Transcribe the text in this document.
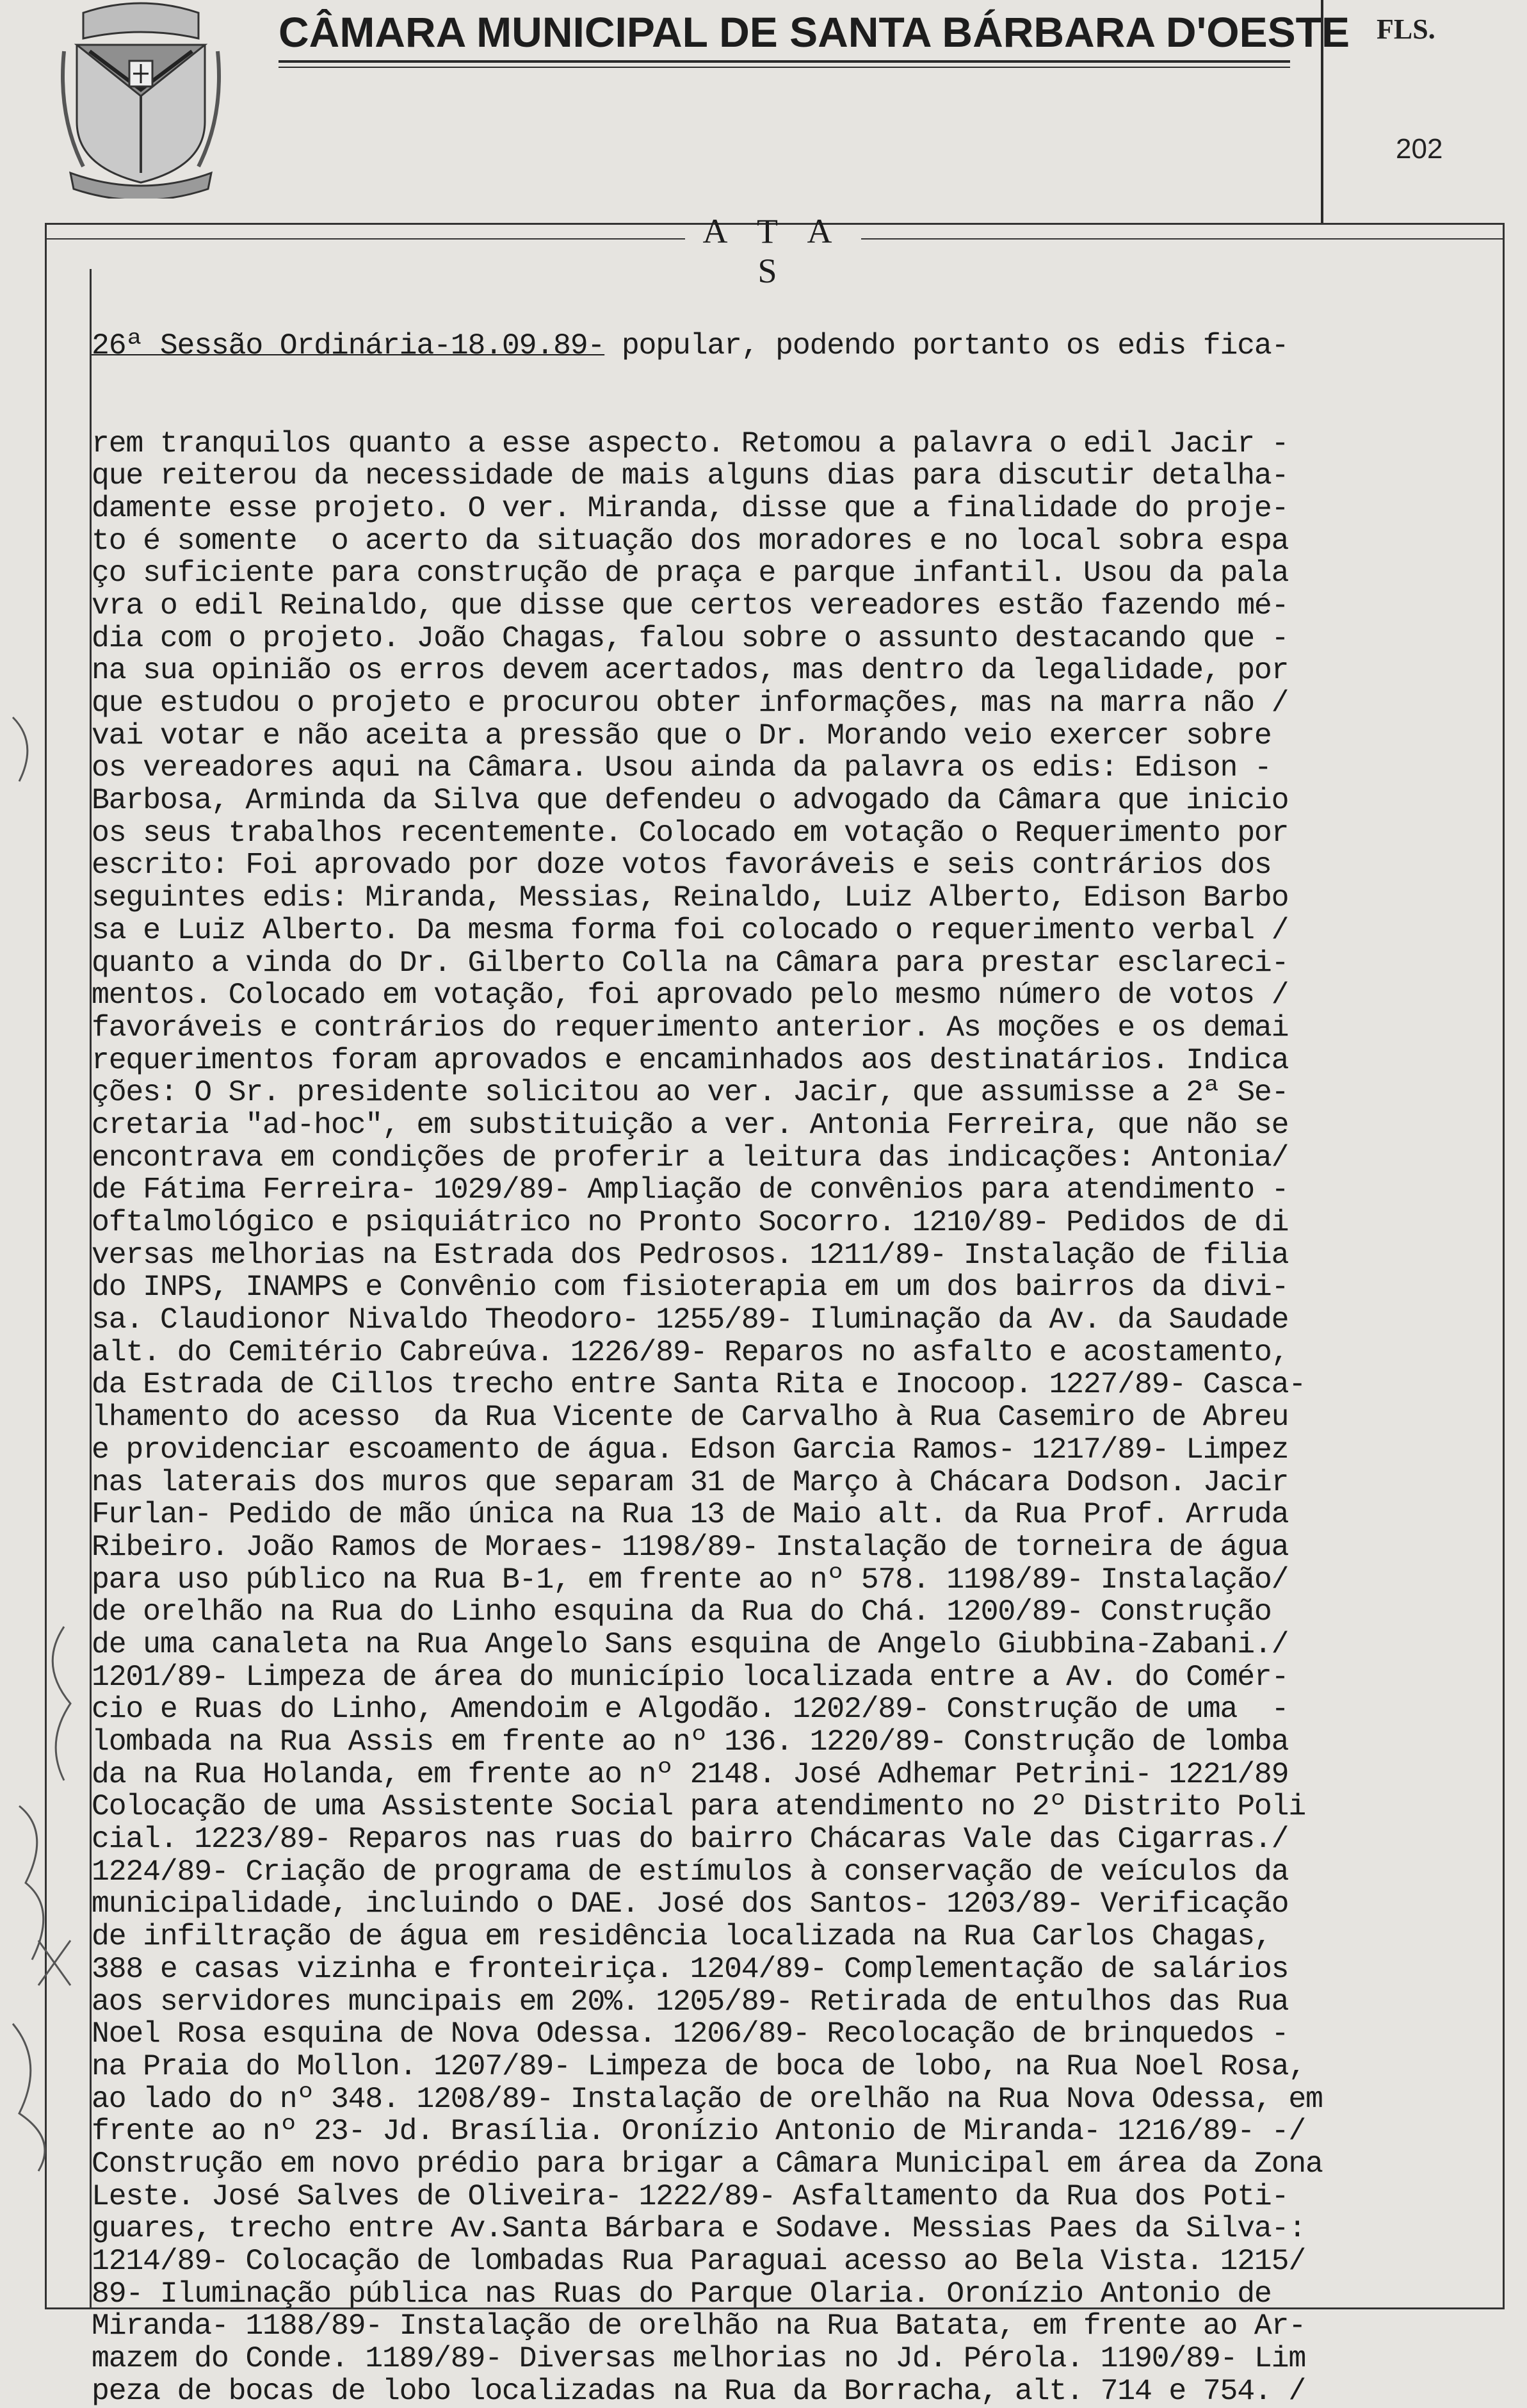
CÂMARA MUNICIPAL DE SANTA BÁRBARA D'OESTE FLS.
202
A T A S

26ª Sessão Ordinária-18.09.89- popular, podendo portanto os edis fica-

rem tranquilos quanto a esse aspecto. Retomou a palavra o edil Jacir -
que reiterou da necessidade de mais alguns dias para discutir detalha-
damente esse projeto. O ver. Miranda, disse que a finalidade do proje-
to é somente  o acerto da situação dos moradores e no local sobra espa
ço suficiente para construção de praça e parque infantil. Usou da pala
vra o edil Reinaldo, que disse que certos vereadores estão fazendo mé-
dia com o projeto. João Chagas, falou sobre o assunto destacando que -
na sua opinião os erros devem acertados, mas dentro da legalidade, por
que estudou o projeto e procurou obter informações, mas na marra não /
vai votar e não aceita a pressão que o Dr. Morando veio exercer sobre
os vereadores aqui na Câmara. Usou ainda da palavra os edis: Edison -
Barbosa, Arminda da Silva que defendeu o advogado da Câmara que inicio
os seus trabalhos recentemente. Colocado em votação o Requerimento por
escrito: Foi aprovado por doze votos favoráveis e seis contrários dos
seguintes edis: Miranda, Messias, Reinaldo, Luiz Alberto, Edison Barbo
sa e Luiz Alberto. Da mesma forma foi colocado o requerimento verbal /
quanto a vinda do Dr. Gilberto Colla na Câmara para prestar esclareci-
mentos. Colocado em votação, foi aprovado pelo mesmo número de votos /
favoráveis e contrários do requerimento anterior. As moções e os demai
requerimentos foram aprovados e encaminhados aos destinatários. Indica
ções: O Sr. presidente solicitou ao ver. Jacir, que assumisse a 2ª Se-
cretaria "ad-hoc", em substituição a ver. Antonia Ferreira, que não se
encontrava em condições de proferir a leitura das indicações: Antonia/
de Fátima Ferreira- 1029/89- Ampliação de convênios para atendimento -
oftalmológico e psiquiátrico no Pronto Socorro. 1210/89- Pedidos de di
versas melhorias na Estrada dos Pedrosos. 1211/89- Instalação de filia
do INPS, INAMPS e Convênio com fisioterapia em um dos bairros da divi-
sa. Claudionor Nivaldo Theodoro- 1255/89- Iluminação da Av. da Saudade
alt. do Cemitério Cabreúva. 1226/89- Reparos no asfalto e acostamento,
da Estrada de Cillos trecho entre Santa Rita e Inocoop. 1227/89- Casca-
lhamento do acesso  da Rua Vicente de Carvalho à Rua Casemiro de Abreu
e providenciar escoamento de água. Edson Garcia Ramos- 1217/89- Limpez
nas laterais dos muros que separam 31 de Março à Chácara Dodson. Jacir
Furlan- Pedido de mão única na Rua 13 de Maio alt. da Rua Prof. Arruda
Ribeiro. João Ramos de Moraes- 1198/89- Instalação de torneira de água
para uso público na Rua B-1, em frente ao nº 578. 1198/89- Instalação/
de orelhão na Rua do Linho esquina da Rua do Chá. 1200/89- Construção
de uma canaleta na Rua Angelo Sans esquina de Angelo Giubbina-Zabani./
1201/89- Limpeza de área do município localizada entre a Av. do Comér-
cio e Ruas do Linho, Amendoim e Algodão. 1202/89- Construção de uma  -
lombada na Rua Assis em frente ao nº 136. 1220/89- Construção de lomba
da na Rua Holanda, em frente ao nº 2148. José Adhemar Petrini- 1221/89
Colocação de uma Assistente Social para atendimento no 2º Distrito Poli
cial. 1223/89- Reparos nas ruas do bairro Chácaras Vale das Cigarras./
1224/89- Criação de programa de estímulos à conservação de veículos da
municipalidade, incluindo o DAE. José dos Santos- 1203/89- Verificação
de infiltração de água em residência localizada na Rua Carlos Chagas,
388 e casas vizinha e fronteiriça. 1204/89- Complementação de salários
aos servidores muncipais em 20%. 1205/89- Retirada de entulhos das Rua
Noel Rosa esquina de Nova Odessa. 1206/89- Recolocação de brinquedos -
na Praia do Mollon. 1207/89- Limpeza de boca de lobo, na Rua Noel Rosa,
ao lado do nº 348. 1208/89- Instalação de orelhão na Rua Nova Odessa, em
frente ao nº 23- Jd. Brasília. Oronízio Antonio de Miranda- 1216/89- -/
Construção em novo prédio para brigar a Câmara Municipal em área da Zona
Leste. José Salves de Oliveira- 1222/89- Asfaltamento da Rua dos Poti-
guares, trecho entre Av.Santa Bárbara e Sodave. Messias Paes da Silva-:
1214/89- Colocação de lombadas Rua Paraguai acesso ao Bela Vista. 1215/
89- Iluminação pública nas Ruas do Parque Olaria. Oronízio Antonio de
Miranda- 1188/89- Instalação de orelhão na Rua Batata, em frente ao Ar-
mazem do Conde. 1189/89- Diversas melhorias no Jd. Pérola. 1190/89- Lim
peza de bocas de lobo localizadas na Rua da Borracha, alt. 714 e 754. /
